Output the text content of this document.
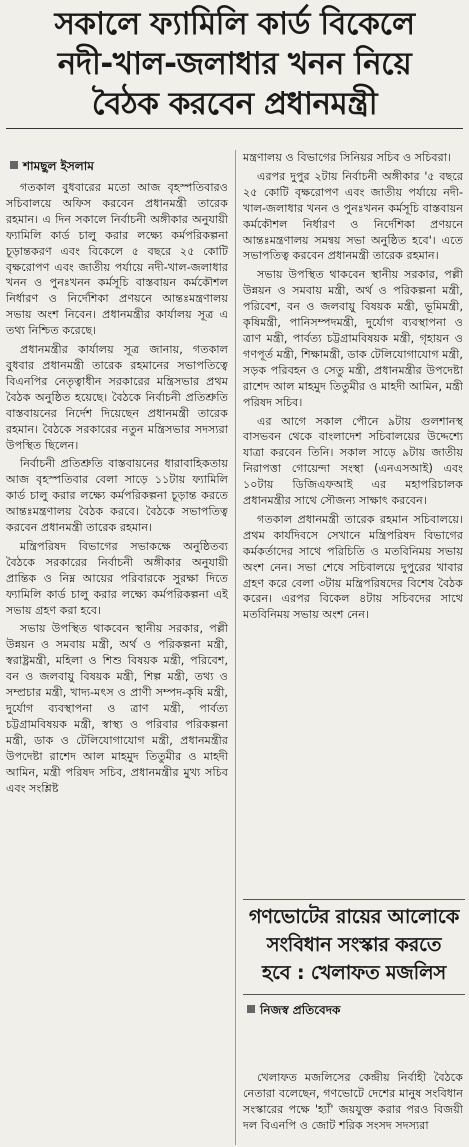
সকালে ফ্যামিলি কার্ড বিকেলে
নদী-খাল-জলাধার খনন নিয়ে
বৈঠক করবেন প্রধানমন্ত্রী
শামছুল ইসলাম

গতকাল বুধবারের মতো আজ বৃহস্পতিবারও সচিবালয়ে অফিস করবেন প্রধানমন্ত্রী তারেক রহমান। এ দিন সকালে নির্বাচনী অঙ্গীকার অনুযায়ী ফ্যামিলি কার্ড চালু করার লক্ষ্যে কর্মপরিকল্পনা চূড়ান্তকরণ এবং বিকেলে ৫ বছরে ২৫ কোটি বৃক্ষরোপণ এবং জাতীয় পর্যায়ে নদী-খাল-জলাধার খনন ও পুনঃখনন কর্মসূচি বাস্তবায়ন কর্মকৌশল নির্ধারণ ও নির্দেশিকা প্রণয়নে আন্তঃমন্ত্রণালয় সভায় অংশ নিবেন। প্রধানমন্ত্রীর কার্যালয় সূত্র এ তথ্য নিশ্চিত করেছে।

প্রধানমন্ত্রীর কার্যালয় সূত্র জানায়, গতকাল বুধবার প্রধানমন্ত্রী তারেক রহমানের সভাপতিত্বে বিএনপির নেতৃত্বাধীন সরকারের মন্ত্রিসভার প্রথম বৈঠক অনুষ্ঠিত হয়েছে। বৈঠকে নির্বাচনী প্রতিশ্রুতি বাস্তবায়নের নির্দেশ দিয়েছেন প্রধানমন্ত্রী তারেক রহমান। বৈঠকে সরকারের নতুন মন্ত্রিসভার সদস্যরা উপস্থিত ছিলেন।

নির্বাচনী প্রতিশ্রুতি বাস্তবায়নের ধারাবাহিকতায় আজ বৃহস্পতিবার বেলা সাড়ে ১১টায় ফ্যামিলি কার্ড চালু করার লক্ষ্যে কর্মপরিকল্পনা চূড়ান্ত করতে আন্তঃমন্ত্রণালয় বৈঠক করবে। বৈঠকে সভাপতিত্ব করবেন প্রধানমন্ত্রী তারেক রহমান।

মন্ত্রিপরিষদ বিভাগের সভাকক্ষে অনুষ্ঠিতব্য বৈঠকে সরকারের নির্বাচনী অঙ্গীকার অনুযায়ী প্রান্তিক ও নিম্ন আয়ের পরিবারকে সুরক্ষা দিতে ফ্যামিলি কার্ড চালু করার লক্ষ্যে কর্মপরিকল্পনা এই সভায় গ্রহণ করা হবে।

সভায় উপস্থিত থাকবেন স্থানীয় সরকার, পল্লী উন্নয়ন ও সমবায় মন্ত্রী, অর্থ ও পরিকল্পনা মন্ত্রী, স্বরাষ্ট্রমন্ত্রী, মহিলা ও শিশু বিষয়ক মন্ত্রী, পরিবেশ, বন ও জলবায়ু বিষয়ক মন্ত্রী, শিল্প মন্ত্রী, তথ্য ও সম্প্রচার মন্ত্রী, খাদ্য-মৎস ও প্রাণী সম্পদ-কৃষি মন্ত্রী, দুর্যোগ ব্যবস্থাপনা ও ত্রাণ মন্ত্রী, পার্বত্য চট্টগ্রামবিষয়ক মন্ত্রী, স্বাস্থ্য ও পরিবার পরিকল্পনা মন্ত্রী, ডাক ও টেলিযোগাযোগ মন্ত্রী, প্রধানমন্ত্রীর উপদেষ্টা রাশেদ আল মাহমুদ তিতুমীর ও মাহদী আমিন, মন্ত্রী পরিষদ সচিব, প্রধানমন্ত্রীর মুখ্য সচিব এবং সংশ্লিষ্ট

মন্ত্রণালয় ও বিভাগের সিনিয়র সচিব ও সচিবরা।

এরপর দুপুর ২টায় নির্বাচনী অঙ্গীকার '৫ বছরে ২৫ কোটি বৃক্ষরোপণ এবং জাতীয় পর্যায়ে নদী-খাল-জলাধার খনন ও পুনঃখনন কর্মসূচি বাস্তবায়ন কর্মকৌশল নির্ধারণ ও নির্দেশিকা প্রণয়নে আন্তঃমন্ত্রণালয় সমন্বয় সভা অনুষ্ঠিত হবে'। এতে সভাপতিত্ব করবেন প্রধানমন্ত্রী তারেক রহমান।

সভায় উপস্থিত থাকবেন স্থানীয় সরকার, পল্লী উন্নয়ন ও সমবায় মন্ত্রী, অর্থ ও পরিকল্পনা মন্ত্রী, পরিবেশ, বন ও জলবায়ু বিষয়ক মন্ত্রী, ভূমিমন্ত্রী, কৃষিমন্ত্রী, পানিসম্পদমন্ত্রী, দুর্যোগ ব্যবস্থাপনা ও ত্রাণ মন্ত্রী, পার্বত্য চট্টগ্রামবিষয়ক মন্ত্রী, গৃহায়ন ও গণপূর্ত মন্ত্রী, শিক্ষামন্ত্রী, ডাক টেলিযোগাযোগ মন্ত্রী, সড়ক পরিবহন ও সেতু মন্ত্রী, প্রধানমন্ত্রীর উপদেষ্টা রাশেদ আল মাহমুদ তিতুমীর ও মাহদী আমিন, মন্ত্রী পরিষদ সচিব।

এর আগে সকাল পৌনে ৯টায় গুলশানস্থ বাসভবন থেকে বাংলাদেশ সচিবালয়ের উদ্দেশ্যে যাত্রা করবেন তিনি। সকাল সাড়ে ৯টায় জাতীয় নিরাপত্তা গোয়েন্দা সংস্থা (এনএসআই) এবং ১০টায় ডিজিএফআই এর মহাপরিচালক প্রধানমন্ত্রীর সাথে সৌজন্য সাক্ষাৎ করবেন।

গতকাল প্রধানমন্ত্রী তারেক রহমান সচিবালয়ে। প্রথম কার্যদিবসে সেখানে মন্ত্রিপরিষদ বিভাগের কর্মকর্তাদের সাথে পরিচিতি ও মতবিনিময় সভায় অংশ নেন। সভা শেষে সচিবালয়ে দুপুরের খাবার গ্রহণ করে বেলা ৩টায় মন্ত্রিপরিষদের বিশেষ বৈঠক করেন। এরপর বিকেল ৪টায় সচিবদের সাথে মতবিনিময় সভায় অংশ নেন।

গণভোটের রায়ের আলোকে
সংবিধান সংস্কার করতে
হবে : খেলাফত মজলিস
নিজস্ব প্রতিবেদক

খেলাফত মজলিসের কেন্দ্রীয় নির্বাহী বৈঠকে নেতারা বলেছেন, গণভোটে দেশের মানুষ সংবিধান সংস্কারের পক্ষে 'হ্যাঁ' জয়যুক্ত করার পরও বিজয়ী দল বিএনপি ও জোট শরিক সংসদ সদস্যরা
